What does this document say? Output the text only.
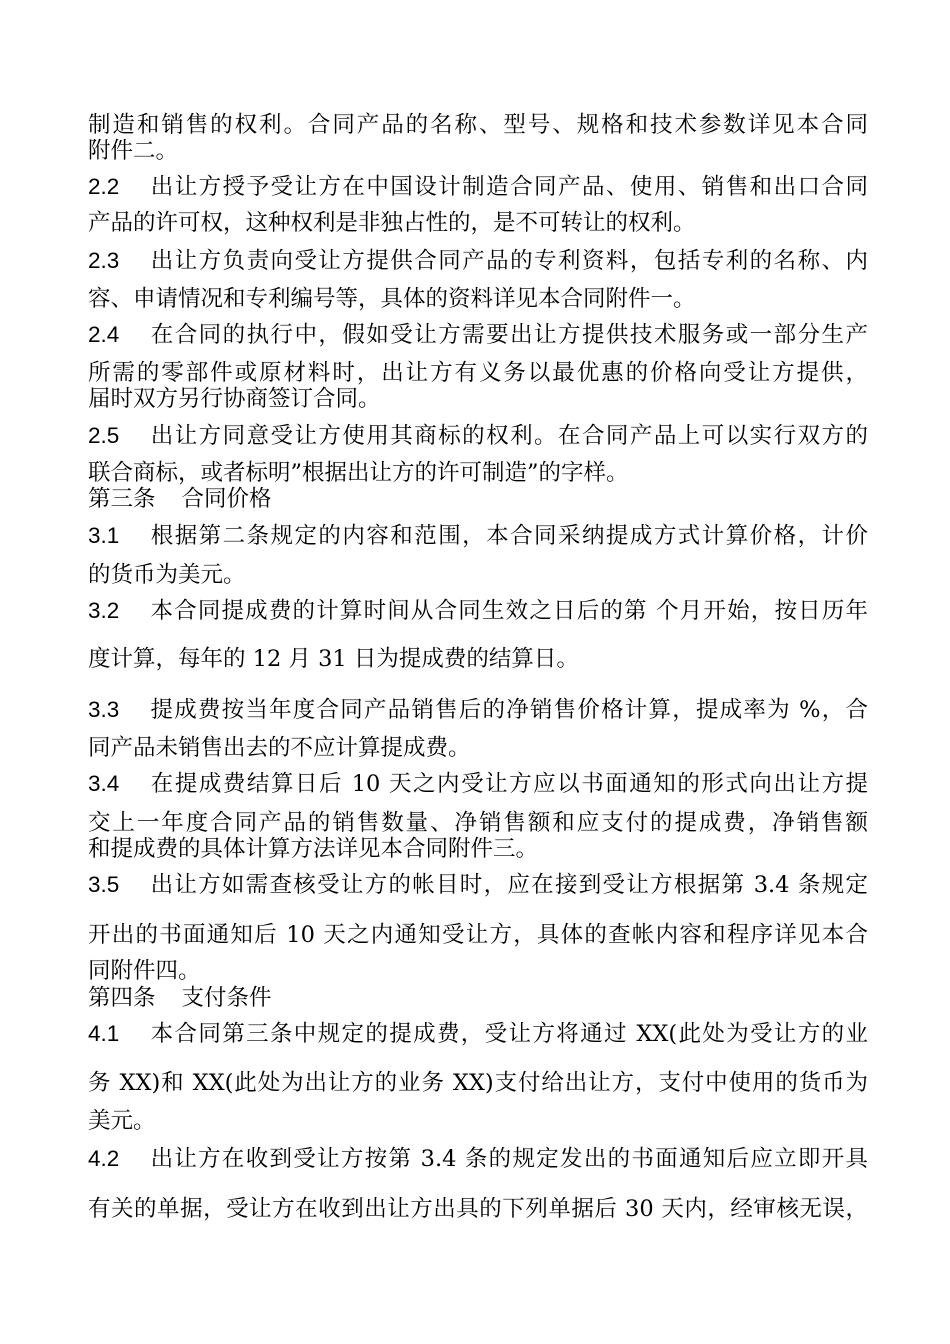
制造和销售的权利。合同产品的名称、型号、规格和技术参数详见本合同
附件二。
2.2 出让方授予受让方在中国设计制造合同产品、使用、销售和出口合同
产品的许可权，这种权利是非独占性的，是不可转让的权利。
2.3 出让方负责向受让方提供合同产品的专利资料，包括专利的名称、内
容、申请情况和专利编号等，具体的资料详见本合同附件一。
2.4 在合同的执行中，假如受让方需要出让方提供技术服务或一部分生产
所需的零部件或原材料时，出让方有义务以最优惠的价格向受让方提供，
届时双方另行协商签订合同。
2.5 出让方同意受让方使用其商标的权利。在合同产品上可以实行双方的
联合商标，或者标明”根据出让方的许可制造”的字样。
第三条 合同价格
3.1 根据第二条规定的内容和范围，本合同采纳提成方式计算价格，计价
的货币为美元。
3.2 本合同提成费的计算时间从合同生效之日后的第 个月开始，按日历年
度计算，每年的 12 月 31 日为提成费的结算日。
3.3 提成费按当年度合同产品销售后的净销售价格计算，提成率为 %，合
同产品未销售出去的不应计算提成费。
3.4 在提成费结算日后 10 天之内受让方应以书面通知的形式向出让方提
交上一年度合同产品的销售数量、净销售额和应支付的提成费，净销售额
和提成费的具体计算方法详见本合同附件三。
3.5 出让方如需查核受让方的帐目时，应在接到受让方根据第 3.4 条规定
开出的书面通知后 10 天之内通知受让方，具体的查帐内容和程序详见本合
同附件四。
第四条 支付条件
4.1 本合同第三条中规定的提成费，受让方将通过 XX(此处为受让方的业
务 XX)和 XX(此处为出让方的业务 XX)支付给出让方，支付中使用的货币为
美元。
4.2 出让方在收到受让方按第 3.4 条的规定发出的书面通知后应立即开具
有关的单据，受让方在收到出让方出具的下列单据后 30 天内，经审核无误，
